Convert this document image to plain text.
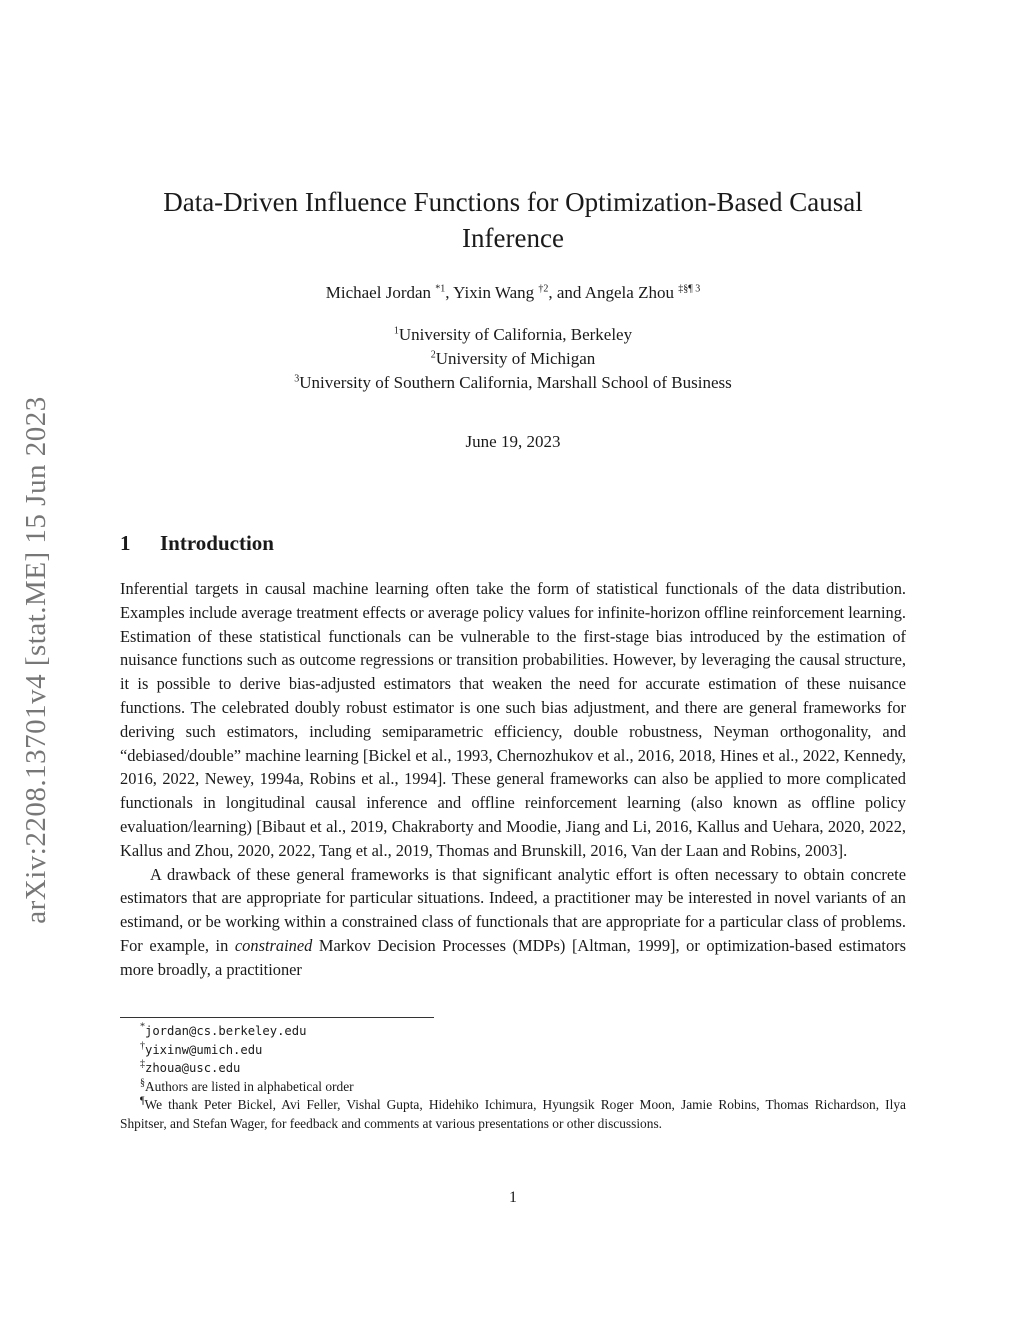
arXiv:2208.13701v4 [stat.ME] 15 Jun 2023
Data-Driven Influence Functions for Optimization-Based Causal Inference
Michael Jordan $^{*1}$, Yixin Wang $^{\dagger 2}$, and Angela Zhou $^{\ddagger\S\P 3}$
$^1$University of California, Berkeley
$^2$University of Michigan
$^3$University of Southern California, Marshall School of Business
June 19, 2023
1 Introduction

Inferential targets in causal machine learning often take the form of statistical functionals of the data distribution. Examples include average treatment effects or average policy values for infinite-horizon offline reinforcement learning. Estimation of these statistical functionals can be vulnerable to the first-stage bias introduced by the estimation of nuisance functions such as outcome regressions or transition probabilities. However, by leveraging the causal structure, it is possible to derive bias-adjusted estimators that weaken the need for accurate estimation of these nuisance functions. The celebrated doubly robust estimator is one such bias adjustment, and there are general frameworks for deriving such estimators, including semiparametric efficiency, double robustness, Neyman orthogonality, and “debiased/double” machine learning [Bickel et al., 1993, Chernozhukov et al., 2016, 2018, Hines et al., 2022, Kennedy, 2016, 2022, Newey, 1994a, Robins et al., 1994]. These general frameworks can also be applied to more complicated functionals in longitudinal causal inference and offline reinforcement learning (also known as offline policy evaluation/learning) [Bibaut et al., 2019, Chakraborty and Moodie, Jiang and Li, 2016, Kallus and Uehara, 2020, 2022, Kallus and Zhou, 2020, 2022, Tang et al., 2019, Thomas and Brunskill, 2016, Van der Laan and Robins, 2003].

A drawback of these general frameworks is that significant analytic effort is often necessary to obtain concrete estimators that are appropriate for particular situations. Indeed, a practitioner may be interested in novel variants of an estimand, or be working within a constrained class of functionals that are appropriate for a particular class of problems. For example, in constrained Markov Decision Processes (MDPs) [Altman, 1999], or optimization-based estimators more broadly, a practitioner

*jordan@cs.berkeley.edu
†yixinw@umich.edu
‡zhoua@usc.edu
§Authors are listed in alphabetical order
¶We thank Peter Bickel, Avi Feller, Vishal Gupta, Hidehiko Ichimura, Hyungsik Roger Moon, Jamie Robins, Thomas Richardson, Ilya Shpitser, and Stefan Wager, for feedback and comments at various presentations or other discussions.
1
